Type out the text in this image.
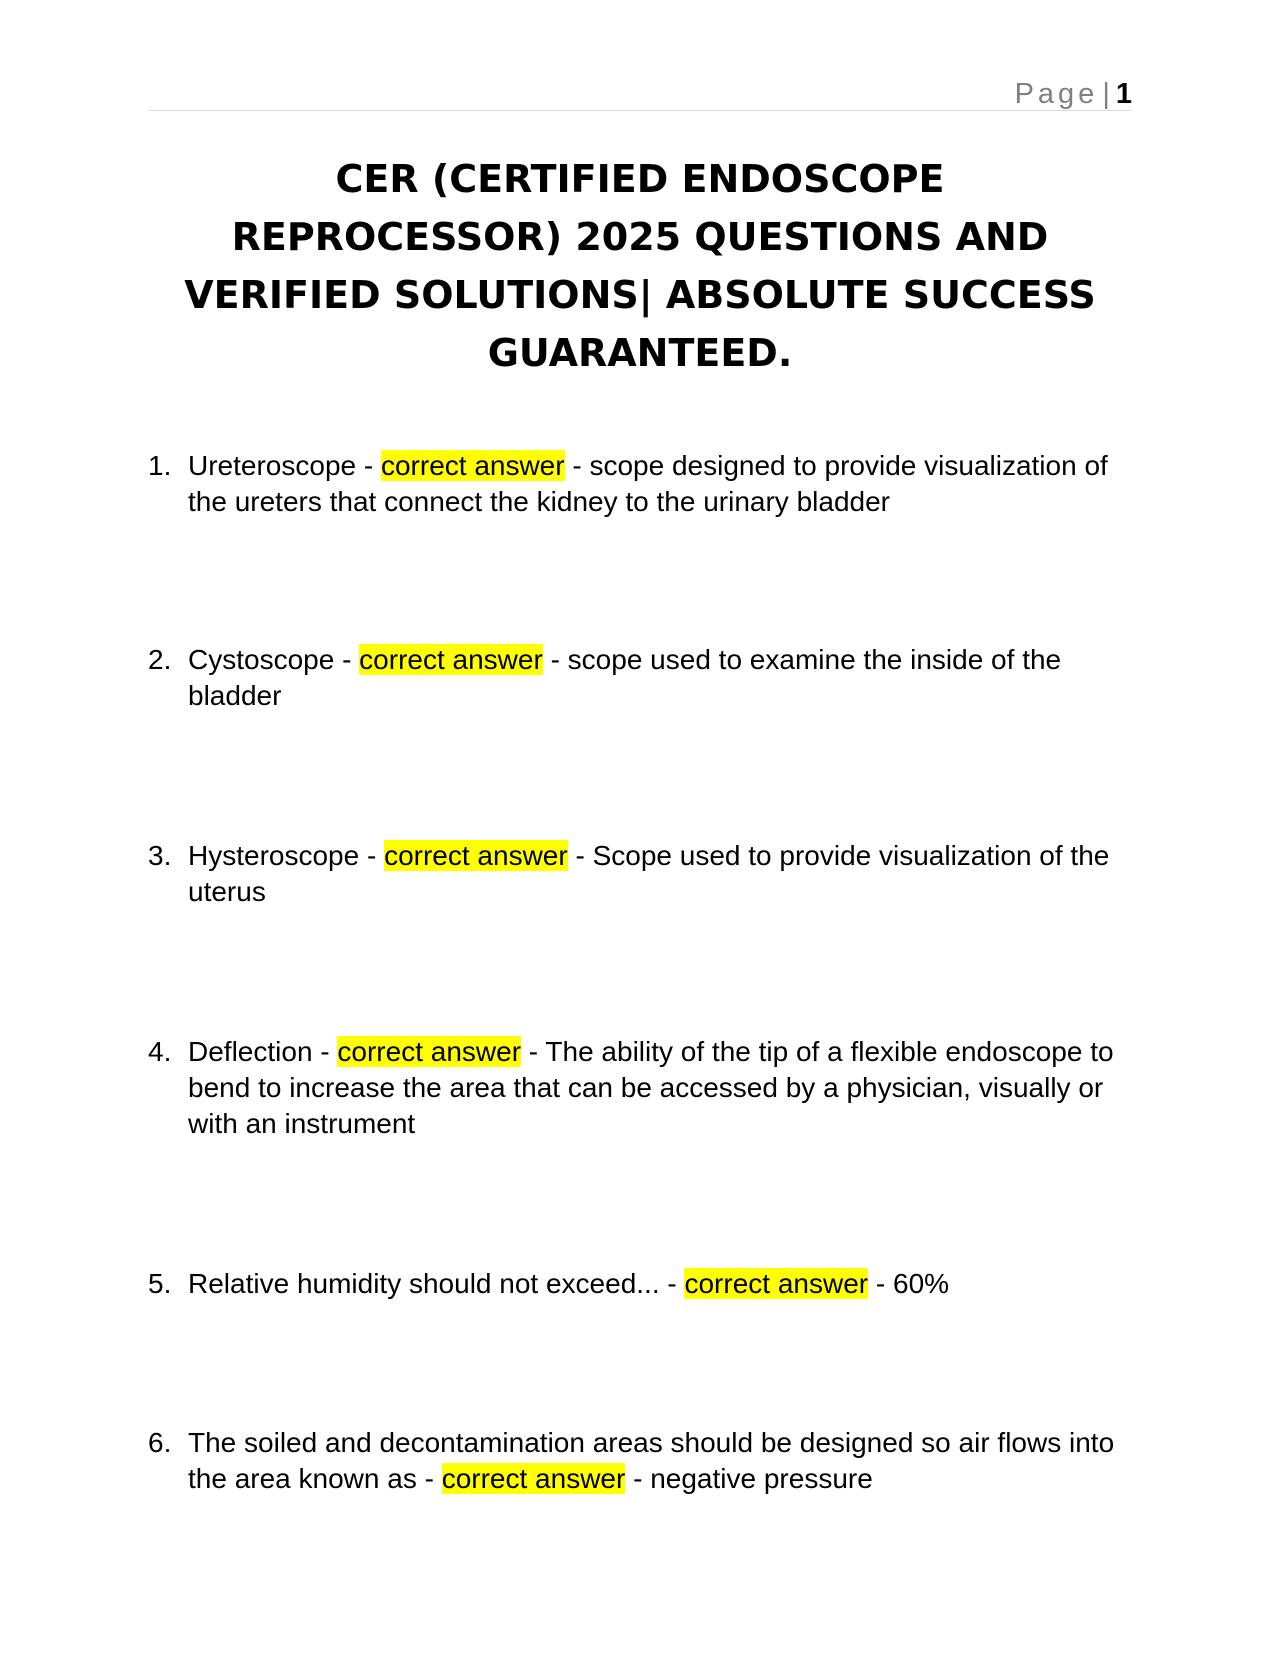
Page | 1
CER (CERTIFIED ENDOSCOPE
REPROCESSOR) 2025 QUESTIONS AND
VERIFIED SOLUTIONS| ABSOLUTE SUCCESS
GUARANTEED.
1. Ureteroscope - correct answer - scope designed to provide visualization of the ureters that connect the kidney to the urinary bladder
2. Cystoscope - correct answer - scope used to examine the inside of the bladder
3. Hysteroscope - correct answer - Scope used to provide visualization of the uterus
4. Deflection - correct answer - The ability of the tip of a flexible endoscope to bend to increase the area that can be accessed by a physician, visually or with an instrument
5. Relative humidity should not exceed... - correct answer - 60%
6. The soiled and decontamination areas should be designed so air flows into the area known as - correct answer - negative pressure
